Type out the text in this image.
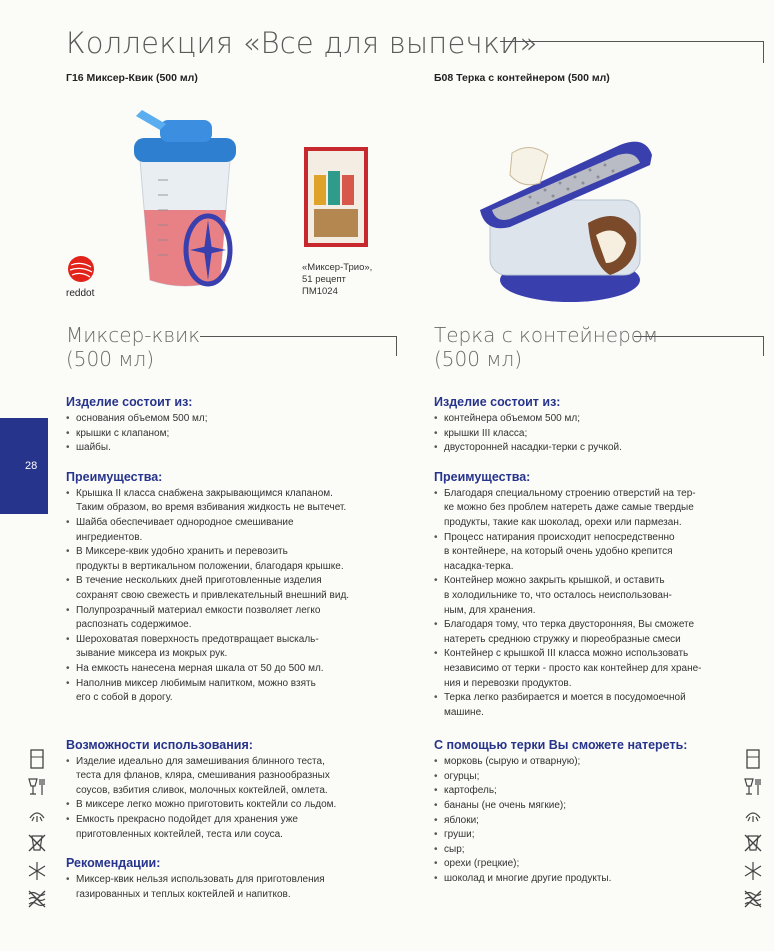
Коллекция «Все для выпечки»
Г16 Миксер-Квик (500 мл)	Б08 Терка с контейнером (500 мл)
«Миксер-Трио»,
51 рецепт
ПМ1024
reddot
Миксер-квик
(500 мл)
Терка с контейнером
(500 мл)
Изделие состоит из:
• основания объемом 500 мл;
• крышки с клапаном;
• шайбы.
Преимущества:
• Крышка II класса снабжена закрывающимся клапаном.
Таким образом, во время взбивания жидкость не вытечет.
• Шайба обеспечивает однородное смешивание
ингредиентов.
• В Миксере-квик удобно хранить и перевозить
продукты в вертикальном положении, благодаря крышке.
• В течение нескольких дней приготовленные изделия
сохранят свою свежесть и привлекательный внешний вид.
• Полупрозрачный материал емкости позволяет легко
распознать содержимое.
• Шероховатая поверхность предотвращает выскаль-
зывание миксера из мокрых рук.
• На емкость нанесена мерная шкала от 50 до 500 мл.
• Наполнив миксер любимым напитком, можно взять
его с собой в дорогу.
Возможности использования:
• Изделие идеально для замешивания блинного теста,
теста для фланов, кляра, смешивания разнообразных
соусов, взбития сливок, молочных коктейлей, омлета.
• В миксере легко можно приготовить коктейли со льдом.
• Емкость прекрасно подойдет для хранения уже
приготовленных коктейлей, теста или соуса.
Рекомендации:
• Миксер-квик нельзя использовать для приготовления
газированных и теплых коктейлей и напитков.
Изделие состоит из:
• контейнера объемом 500 мл;
• крышки III класса;
• двусторонней насадки-терки с ручкой.
Преимущества:
• Благодаря специальному строению отверстий на тер-
ке можно без проблем натереть даже самые твердые
продукты, такие как шоколад, орехи или пармезан.
• Процесс натирания происходит непосредственно
в контейнере, на который очень удобно крепится
насадка-терка.
• Контейнер можно закрыть крышкой, и оставить
в холодильнике то, что осталось неиспользован-
ным, для хранения.
• Благодаря тому, что терка двусторонняя, Вы сможете
натереть среднюю стружку и пюреобразные смеси
• Контейнер с крышкой III класса можно использовать
независимо от терки - просто как контейнер для хране-
ния и перевозки продуктов.
• Терка легко разбирается и моется в посудомоечной
машине.
С помощью терки Вы сможете натереть:
• морковь (сырую и отварную);
• огурцы;
• картофель;
• бананы (не очень мягкие);
• яблоки;
• груши;
• сыр;
• орехи (грецкие);
• шоколад и многие другие продукты.
28
